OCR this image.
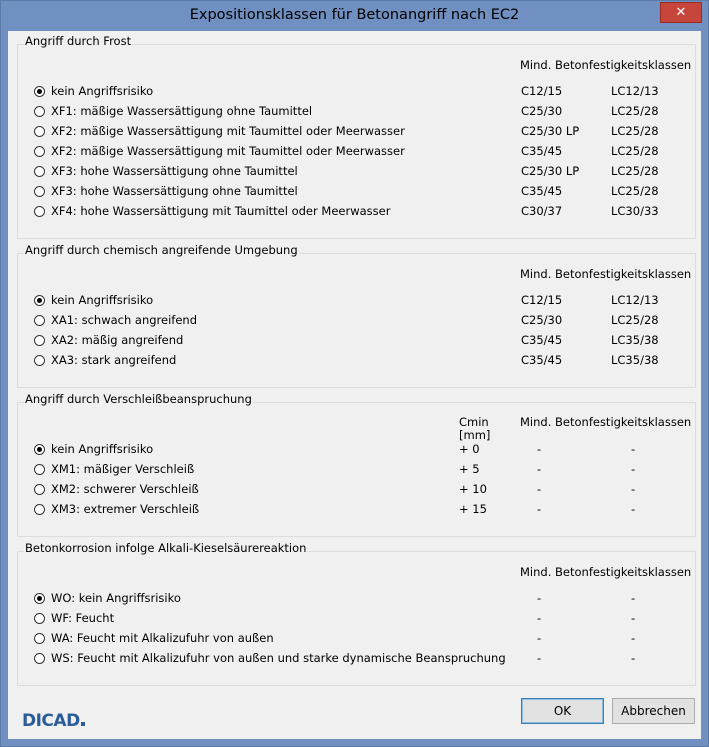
Expositionsklassen für Betonangriff nach EC2	✕
Angriff durch Frost
Mind. Betonfestigkeitsklassen
kein Angriffsrisiko	C12/15	LC12/13
XF1: mäßige Wassersättigung ohne Taumittel	C25/30	LC25/28
XF2: mäßige Wassersättigung mit Taumittel oder Meerwasser	C25/30 LP	LC25/28
XF2: mäßige Wassersättigung mit Taumittel oder Meerwasser	C35/45	LC25/28
XF3: hohe Wassersättigung ohne Taumittel	C25/30 LP	LC25/28
XF3: hohe Wassersättigung ohne Taumittel	C35/45	LC25/28
XF4: hohe Wassersättigung mit Taumittel oder Meerwasser	C30/37	LC30/33
Angriff durch chemisch angreifende Umgebung
Mind. Betonfestigkeitsklassen
kein Angriffsrisiko	C12/15	LC12/13
XA1: schwach angreifend	C25/30	LC25/28
XA2: mäßig angreifend	C35/45	LC35/38
XA3: stark angreifend	C35/45	LC35/38
Angriff durch Verschleißbeanspruchung
Cmin
[mm]
Mind. Betonfestigkeitsklassen
kein Angriffsrisiko	+ 0	-	-
XM1: mäßiger Verschleiß	+ 5	-	-
XM2: schwerer Verschleiß	+ 10	-	-
XM3: extremer Verschleiß	+ 15	-	-
Betonkorrosion infolge Alkali-Kieselsäurereaktion
Mind. Betonfestigkeitsklassen
WO: kein Angriffsrisiko	-	-
WF: Feucht	-	-
WA: Feucht mit Alkalizufuhr von außen	-	-
WS: Feucht mit Alkalizufuhr von außen und starke dynamische Beanspruchung	-	-
DICAD	OK	Abbrechen
